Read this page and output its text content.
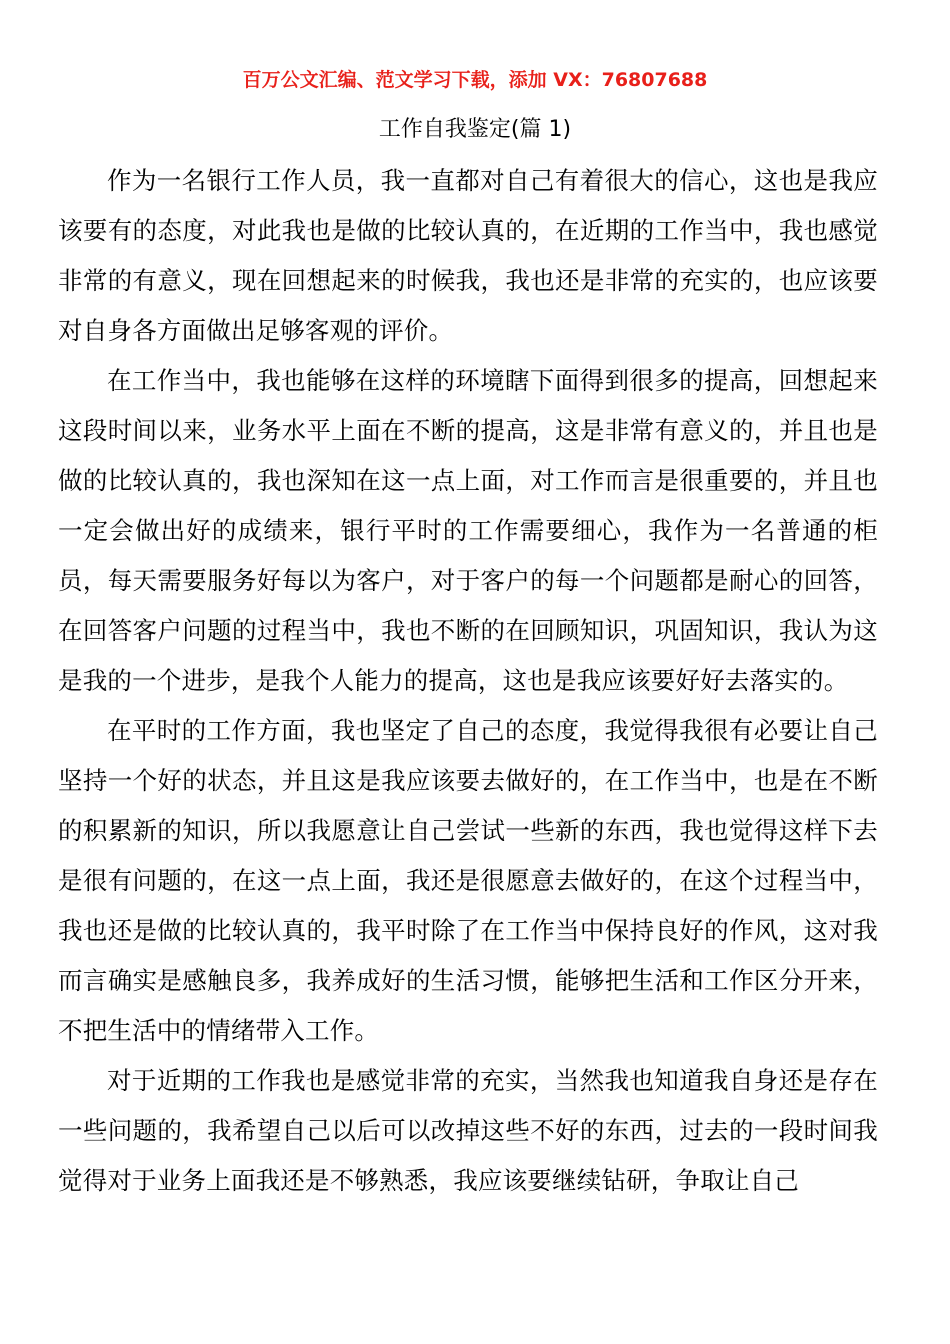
百万公文汇编、范文学习下载，添加 VX：76807688
工作自我鉴定(篇 1)

作为一名银行工作人员，我一直都对自己有着很大的信心，这也是我应该要有的态度，对此我也是做的比较认真的，在近期的工作当中，我也感觉非常的有意义，现在回想起来的时候我，我也还是非常的充实的，也应该要对自身各方面做出足够客观的评价。

在工作当中，我也能够在这样的环境瞎下面得到很多的提高，回想起来这段时间以来，业务水平上面在不断的提高，这是非常有意义的，并且也是做的比较认真的，我也深知在这一点上面，对工作而言是很重要的，并且也一定会做出好的成绩来，银行平时的工作需要细心，我作为一名普通的柜员，每天需要服务好每以为客户，对于客户的每一个问题都是耐心的回答，在回答客户问题的过程当中，我也不断的在回顾知识，巩固知识，我认为这是我的一个进步，是我个人能力的提高，这也是我应该要好好去落实的。

在平时的工作方面，我也坚定了自己的态度，我觉得我很有必要让自己坚持一个好的状态，并且这是我应该要去做好的，在工作当中，也是在不断的积累新的知识，所以我愿意让自己尝试一些新的东西，我也觉得这样下去是很有问题的，在这一点上面，我还是很愿意去做好的，在这个过程当中，我也还是做的比较认真的，我平时除了在工作当中保持良好的作风，这对我而言确实是感触良多，我养成好的生活习惯，能够把生活和工作区分开来，不把生活中的情绪带入工作。

对于近期的工作我也是感觉非常的充实，当然我也知道我自身还是存在一些问题的，我希望自己以后可以改掉这些不好的东西，过去的一段时间我觉得对于业务上面我还是不够熟悉，我应该要继续钻研，争取让自己
